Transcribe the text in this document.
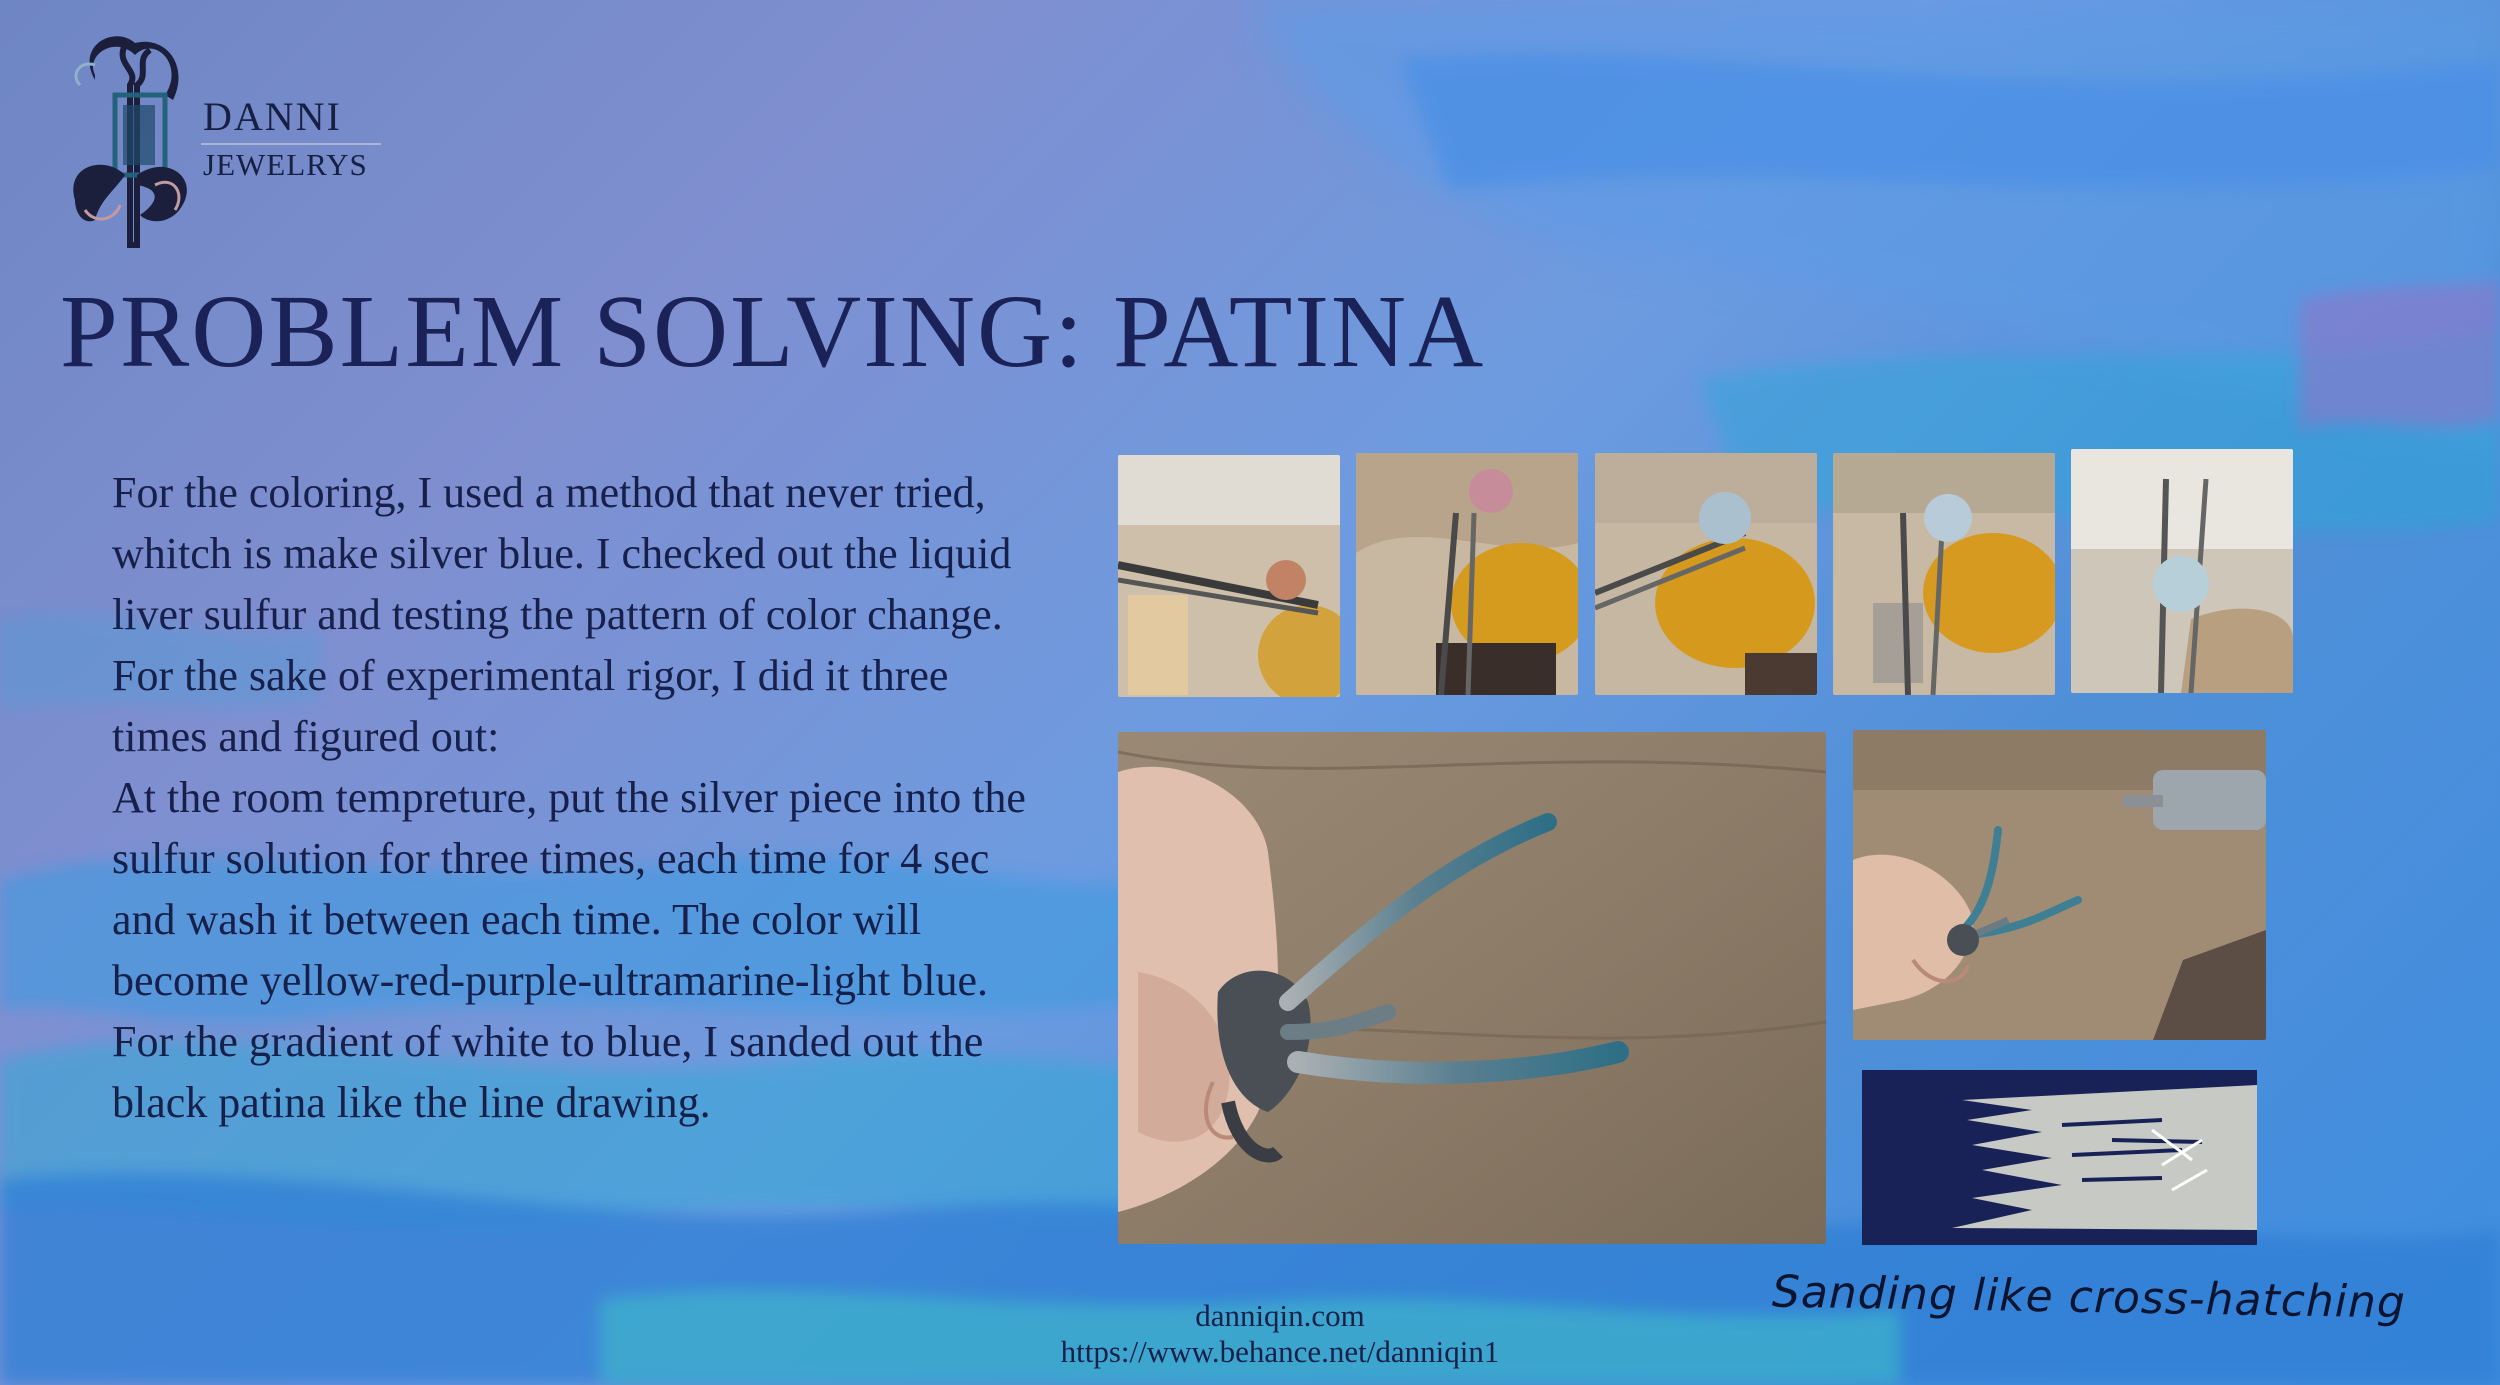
DANNI
JEWELRYS
PROBLEM SOLVING: PATINA

For the coloring, I used a method that never tried, whitch is make silver blue. I checked out the liquid liver sulfur and testing the pattern of color change.

For the sake of experimental rigor, I did it three times and figured out:

At the room tempreture, put the silver piece into the sulfur solution for three times, each time for 4 sec and wash it between each time. The color will become yellow-red-purple-ultramarine-light blue.

For the gradient of white to blue, I sanded out the black patina like the line drawing.

Sanding like cross-hatching
danniqin.com
https://www.behance.net/danniqin1
